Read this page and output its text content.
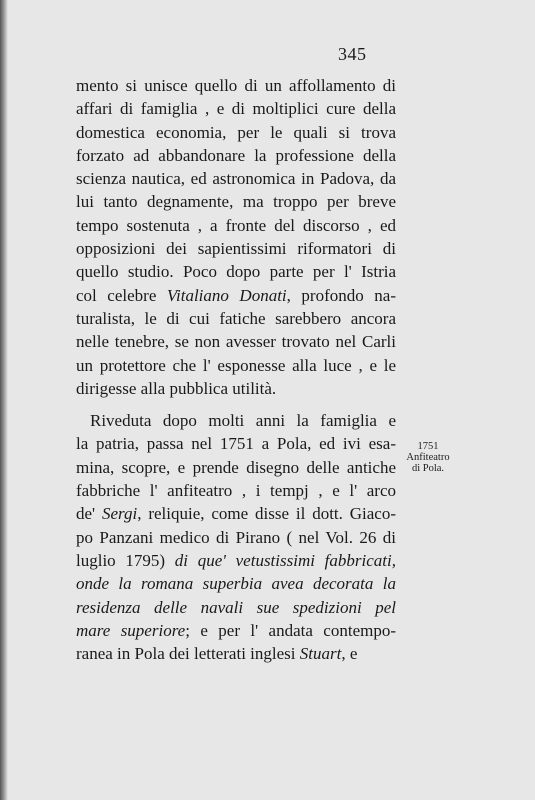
345
mento si unisce quello di un affollamento di
affari di famiglia , e di moltiplici cure della
domestica economia, per le quali si trova
forzato ad abbandonare la professione della
scienza nautica, ed astronomica in Padova, da
lui tanto degnamente, ma troppo per breve
tempo sostenuta , a fronte del discorso , ed
opposizioni dei sapientissimi riformatori di
quello studio. Poco dopo parte per l' Istria
col celebre Vitaliano Donati, profondo na-
turalista, le di cui fatiche sarebbero ancora
nelle tenebre, se non avesser trovato nel Carli
un protettore che l' esponesse alla luce , e le
dirigesse alla pubblica utilità.
Riveduta dopo molti anni la famiglia e
la patria, passa nel 1751 a Pola, ed ivi esa-
mina, scopre, e prende disegno delle antiche
fabbriche l' anfiteatro , i tempj , e l' arco
de' Sergi, reliquie, come disse il dott. Giaco-
po Panzani medico di Pirano ( nel Vol. 26 di
luglio 1795) di que' vetustissimi fabbricati,
onde la romana superbia avea decorata la
residenza delle navali sue spedizioni pel
mare superiore; e per l' andata contempo-
ranea in Pola dei letterati inglesi Stuart, e
1751
Anfiteatro
di Pola.
